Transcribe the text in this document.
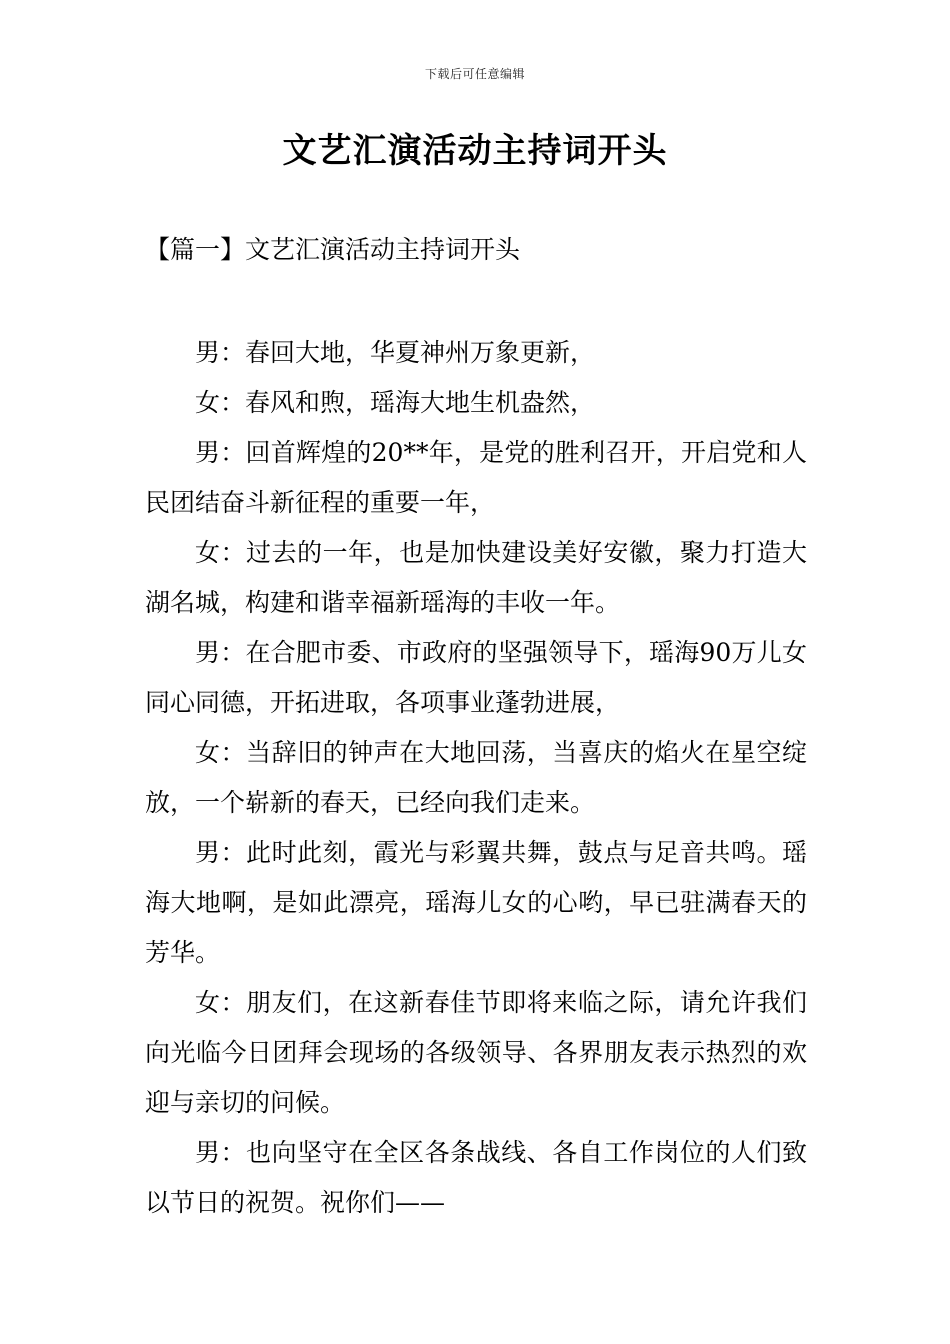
下载后可任意编辑
文艺汇演活动主持词开头
【篇一】文艺汇演活动主持词开头

男：春回大地，华夏神州万象更新，

女：春风和煦，瑶海大地生机盎然，

男：回首辉煌的20**年，是党的胜利召开，开启党和人民团结奋斗新征程的重要一年，

女：过去的一年，也是加快建设美好安徽，聚力打造大湖名城，构建和谐幸福新瑶海的丰收一年。

男：在合肥市委、市政府的坚强领导下，瑶海90万儿女同心同德，开拓进取，各项事业蓬勃进展，

女：当辞旧的钟声在大地回荡，当喜庆的焰火在星空绽放，一个崭新的春天，已经向我们走来。

男：此时此刻，霞光与彩翼共舞，鼓点与足音共鸣。瑶海大地啊，是如此漂亮，瑶海儿女的心哟，早已驻满春天的芳华。

女：朋友们，在这新春佳节即将来临之际，请允许我们向光临今日团拜会现场的各级领导、各界朋友表示热烈的欢迎与亲切的问候。

男：也向坚守在全区各条战线、各自工作岗位的人们致以节日的祝贺。祝你们——
